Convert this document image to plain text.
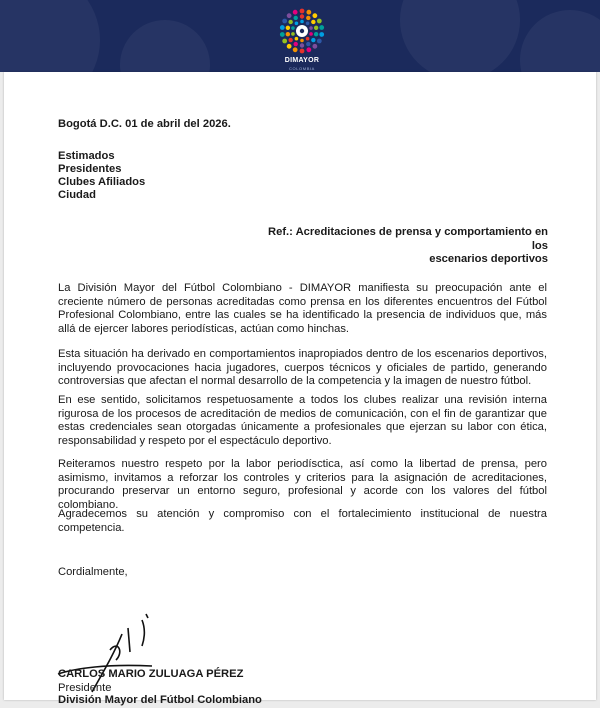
DIMAYOR
COLOMBIA
Bogotá D.C. 01 de abril del 2026.
Estimados
Presidentes
Clubes Afiliados
Ciudad
Ref.: Acreditaciones de prensa y comportamiento en los
escenarios deportivos
La División Mayor del Fútbol Colombiano - DIMAYOR manifiesta su preocupación ante el creciente número de personas acreditadas como prensa en los diferentes encuentros del Fútbol Profesional Colombiano, entre las cuales se ha identificado la presencia de individuos que, más allá de ejercer labores periodísticas, actúan como hinchas.
Esta situación ha derivado en comportamientos inapropiados dentro de los escenarios deportivos, incluyendo provocaciones hacia jugadores, cuerpos técnicos y oficiales de partido, generando controversias que afectan el normal desarrollo de la competencia y la imagen de nuestro fútbol.
En ese sentido, solicitamos respetuosamente a todos los clubes realizar una revisión interna rigurosa de los procesos de acreditación de medios de comunicación, con el fin de garantizar que estas credenciales sean otorgadas únicamente a profesionales que ejerzan su labor con ética, responsabilidad y respeto por el espectáculo deportivo.
Reiteramos nuestro respeto por la labor periodísctica, así como la libertad de prensa, pero asimismo, invitamos a reforzar los controles y criterios para la asignación de acreditaciones, procurando preservar un entorno seguro, profesional y acorde con los valores del fútbol colombiano.
Agradecemos su atención y compromiso con el fortalecimiento institucional de nuestra competencia.
Cordialmente,
CARLOS MARIO ZULUAGA PÉREZ
Presidente
División Mayor del Fútbol Colombiano
